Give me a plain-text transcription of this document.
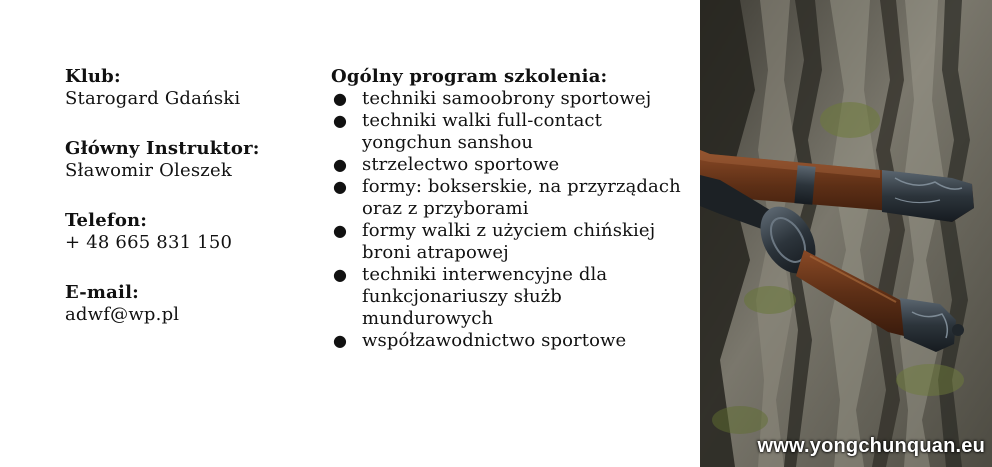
Klub:
Starogard Gdański
Główny Instruktor:
Sławomir Oleszek
Telefon:
+ 48 665 831 150
E-mail:
adwf@wp.pl
Ogólny program szkolenia:
● techniki samoobrony sportowej
● techniki walki full-contact yongchun sanshou
● strzelectwo sportowe
● formy: bokserskie, na przyrządach oraz z przyborami
● formy walki z użyciem chińskiej broni atrapowej
● techniki interwencyjne dla funkcjonariuszy służb mundurowych
● współzawodnictwo sportowe
www.yongchunquan.eu
